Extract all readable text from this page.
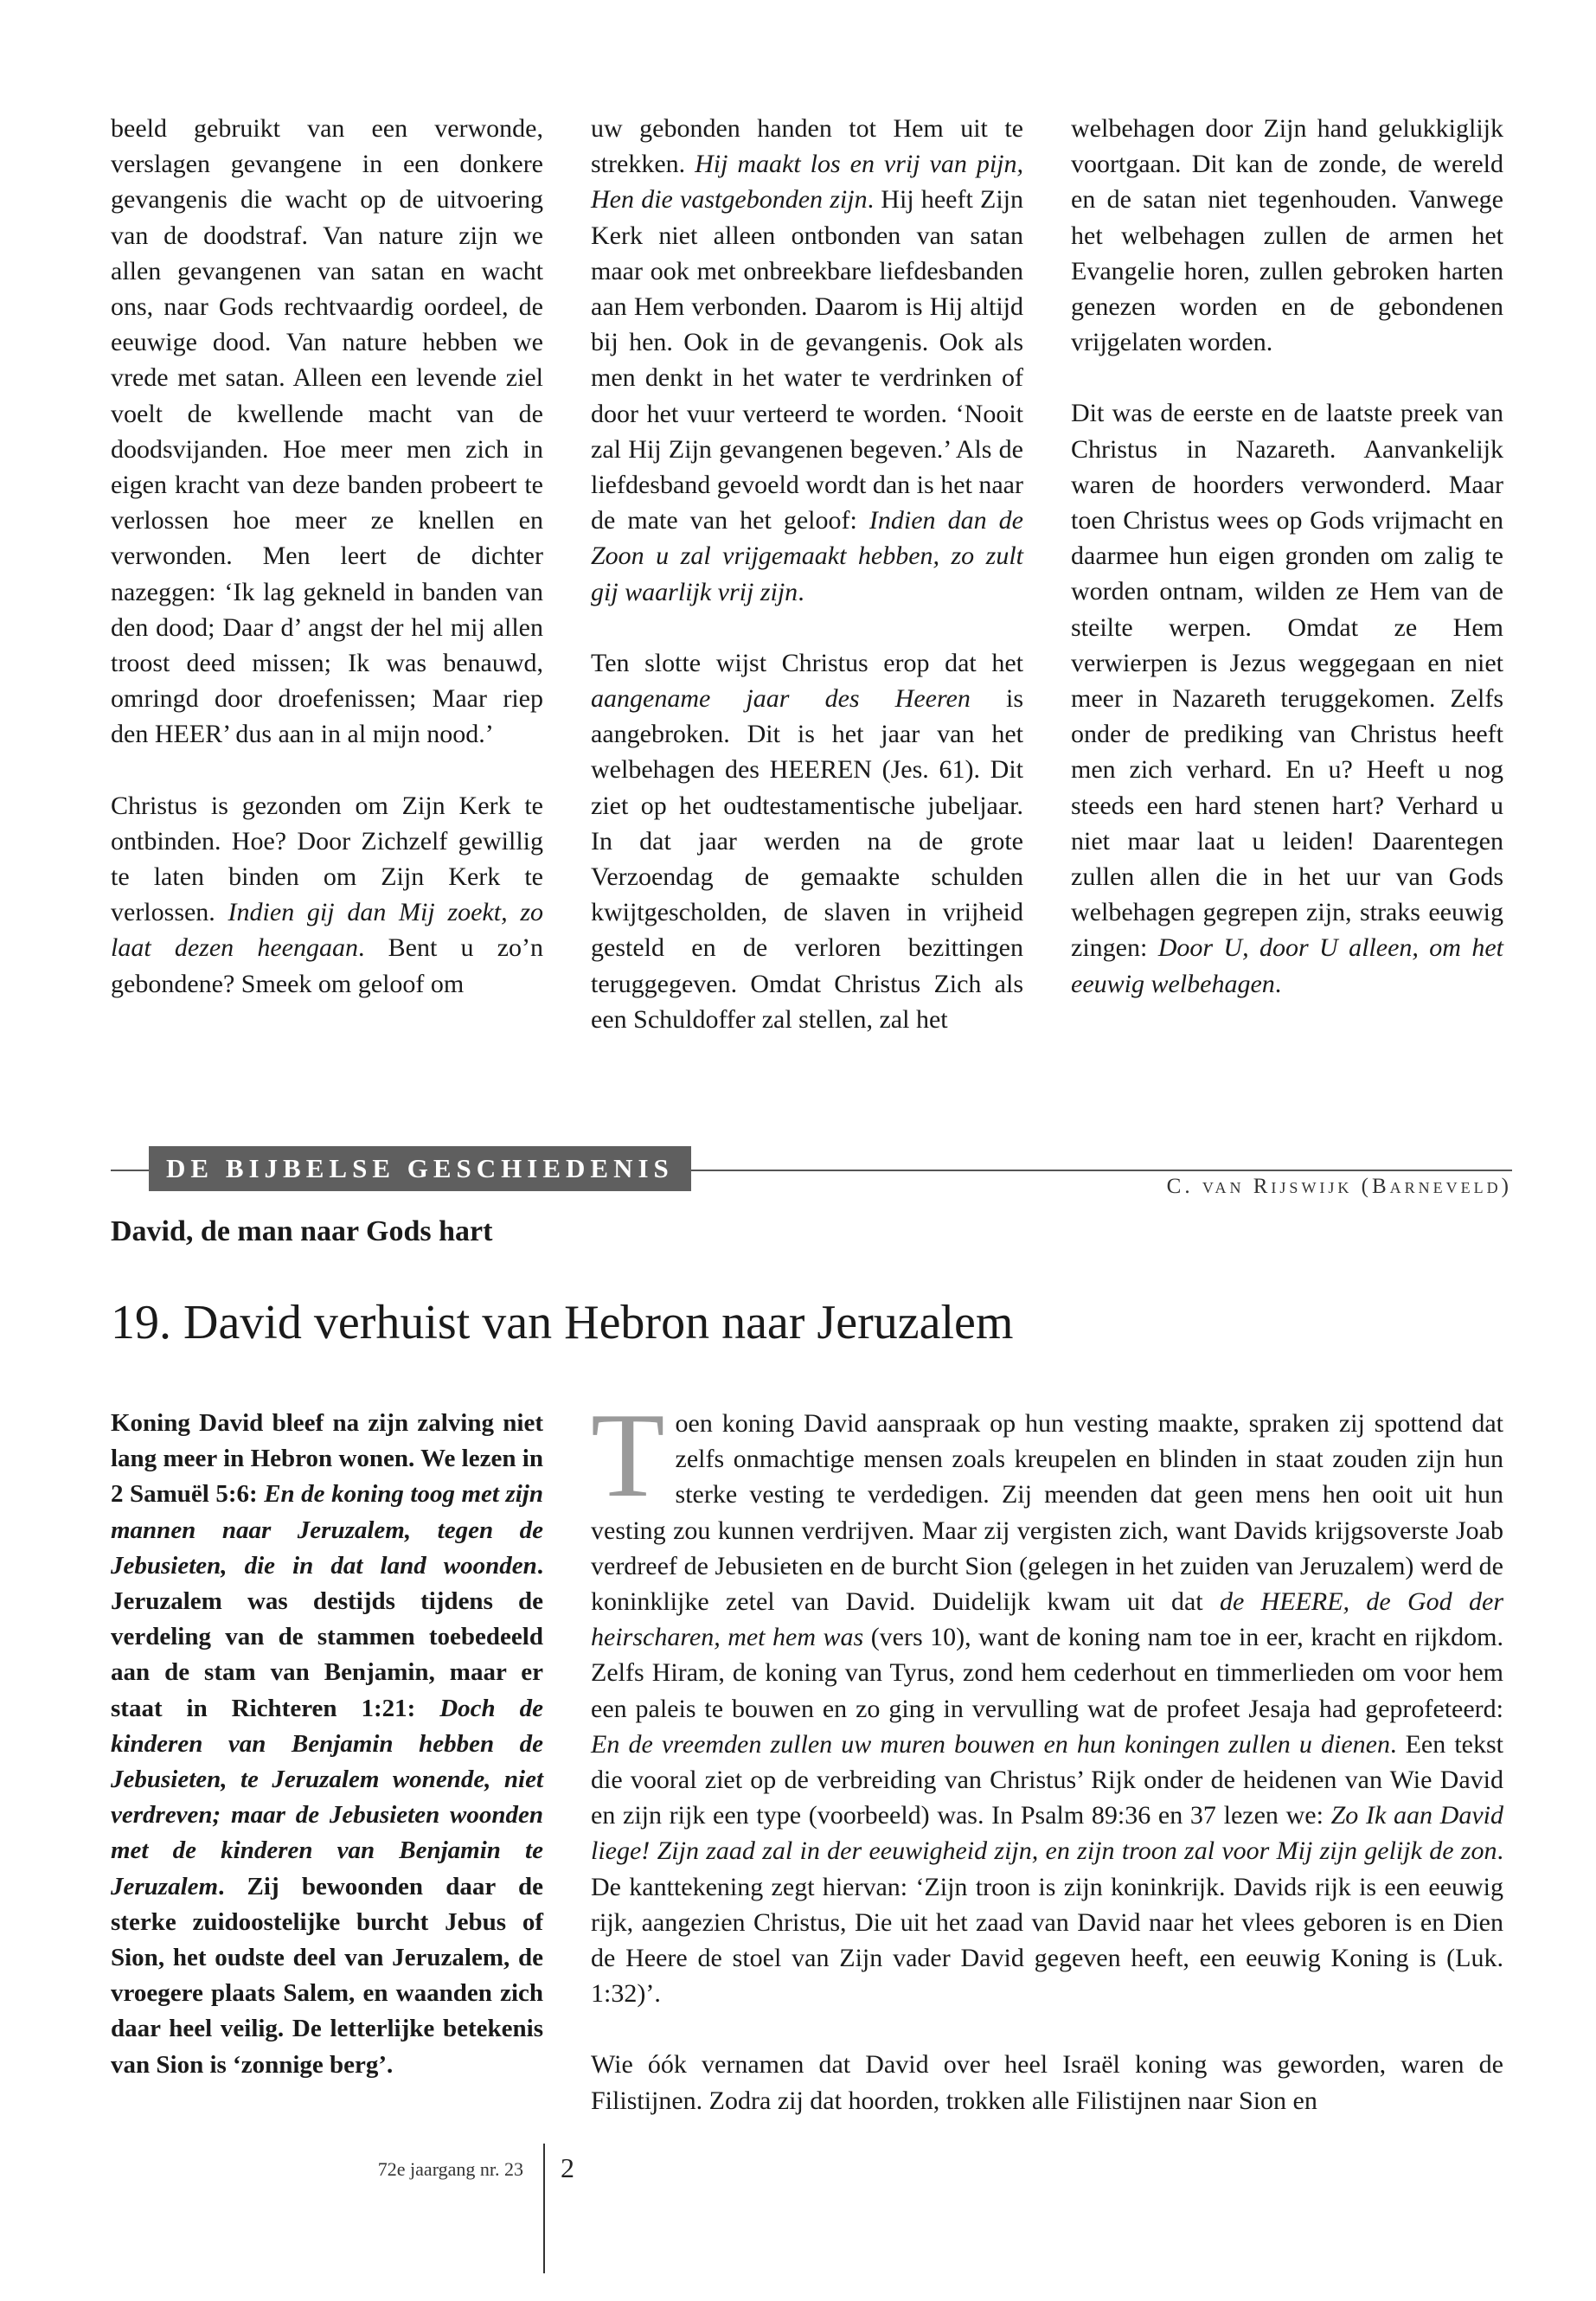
beeld gebruikt van een verwonde, verslagen gevangene in een donkere gevangenis die wacht op de uitvoering van de doodstraf. Van nature zijn we allen gevangenen van satan en wacht ons, naar Gods rechtvaardig oordeel, de eeuwige dood. Van nature hebben we vrede met satan. Alleen een levende ziel voelt de kwellende macht van de doodsvijanden. Hoe meer men zich in eigen kracht van deze banden probeert te verlossen hoe meer ze knellen en verwonden. Men leert de dichter nazeggen: ‘Ik lag gekneld in banden van den dood; Daar d’ angst der hel mij allen troost deed missen; Ik was benauwd, omringd door droefenissen; Maar riep den HEER’ dus aan in al mijn nood.’

Christus is gezonden om Zijn Kerk te ontbinden. Hoe? Door Zichzelf gewillig te laten binden om Zijn Kerk te verlossen. Indien gij dan Mij zoekt, zo laat dezen heengaan. Bent u zo’n gebondene? Smeek om geloof om

uw gebonden handen tot Hem uit te strekken. Hij maakt los en vrij van pijn, Hen die vastgebonden zijn. Hij heeft Zijn Kerk niet alleen ontbonden van satan maar ook met onbreekbare liefdesbanden aan Hem verbonden. Daarom is Hij altijd bij hen. Ook in de gevangenis. Ook als men denkt in het water te verdrinken of door het vuur verteerd te worden. ‘Nooit zal Hij Zijn gevangenen begeven.’ Als de liefdesband gevoeld wordt dan is het naar de mate van het geloof: Indien dan de Zoon u zal vrijgemaakt hebben, zo zult gij waarlijk vrij zijn.

Ten slotte wijst Christus erop dat het aangename jaar des Heeren is aangebroken. Dit is het jaar van het welbehagen des HEEREN (Jes. 61). Dit ziet op het oudtestamentische jubeljaar. In dat jaar werden na de grote Verzoendag de gemaakte schulden kwijtgescholden, de slaven in vrijheid gesteld en de verloren bezittingen teruggegeven. Omdat Christus Zich als een Schuldoffer zal stellen, zal het

welbehagen door Zijn hand gelukkiglijk voortgaan. Dit kan de zonde, de wereld en de satan niet tegenhouden. Vanwege het welbehagen zullen de armen het Evangelie horen, zullen gebroken harten genezen worden en de gebondenen vrijgelaten worden.

Dit was de eerste en de laatste preek van Christus in Nazareth. Aanvankelijk waren de hoorders verwonderd. Maar toen Christus wees op Gods vrijmacht en daarmee hun eigen gronden om zalig te worden ontnam, wilden ze Hem van de steilte werpen. Omdat ze Hem verwierpen is Jezus weggegaan en niet meer in Nazareth teruggekomen. Zelfs onder de prediking van Christus heeft men zich verhard. En u? Heeft u nog steeds een hard stenen hart? Verhard u niet maar laat u leiden! Daarentegen zullen allen die in het uur van Gods welbehagen gegrepen zijn, straks eeuwig zingen: Door U, door U alleen, om het eeuwig welbehagen.

DE BIJBELSE GESCHIEDENIS
C. van Rijswijk (Barneveld)
David, de man naar Gods hart
19. David verhuist van Hebron naar Jeruzalem
Koning David bleef na zijn zalving niet lang meer in Hebron wonen. We lezen in 2 Samuël 5:6: En de koning toog met zijn mannen naar Jeruzalem, tegen de Jebusieten, die in dat land woonden. Jeruzalem was destijds tijdens de verdeling van de stammen toebedeeld aan de stam van Benjamin, maar er staat in Richteren 1:21: Doch de kinderen van Benjamin hebben de Jebusieten, te Jeruzalem wonende, niet verdreven; maar de Jebusieten woonden met de kinderen van Benjamin te Jeruzalem. Zij bewoonden daar de sterke zuidoostelijke burcht Jebus of Sion, het oudste deel van Jeruzalem, de vroegere plaats Salem, en waanden zich daar heel veilig. De letterlijke betekenis van Sion is ‘zonnige berg’.

Toen koning David aanspraak op hun vesting maakte, spraken zij spottend dat zelfs onmachtige mensen zoals kreupelen en blinden in staat zouden zijn hun sterke vesting te verdedigen. Zij meenden dat geen mens hen ooit uit hun vesting zou kunnen verdrijven. Maar zij vergisten zich, want Davids krijgsoverste Joab verdreef de Jebusieten en de burcht Sion (gelegen in het zuiden van Jeruzalem) werd de koninklijke zetel van David. Duidelijk kwam uit dat de HEERE, de God der heirscharen, met hem was (vers 10), want de koning nam toe in eer, kracht en rijkdom. Zelfs Hiram, de koning van Tyrus, zond hem cederhout en timmerlieden om voor hem een paleis te bouwen en zo ging in vervulling wat de profeet Jesaja had geprofeteerd: En de vreemden zullen uw muren bouwen en hun koningen zullen u dienen. Een tekst die vooral ziet op de verbreiding van Christus’ Rijk onder de heidenen van Wie David en zijn rijk een type (voorbeeld) was. In Psalm 89:36 en 37 lezen we: Zo Ik aan David liege! Zijn zaad zal in der eeuwigheid zijn, en zijn troon zal voor Mij zijn gelijk de zon. De kanttekening zegt hiervan: ‘Zijn troon is zijn koninkrijk. Davids rijk is een eeuwig rijk, aangezien Christus, Die uit het zaad van David naar het vlees geboren is en Dien de Heere de stoel van Zijn vader David gegeven heeft, een eeuwig Koning is (Luk. 1:32)’.

Wie óók vernamen dat David over heel Israël koning was geworden, waren de Filistijnen. Zodra zij dat hoorden, trokken alle Filistijnen naar Sion en

72e jaargang nr. 23 2
